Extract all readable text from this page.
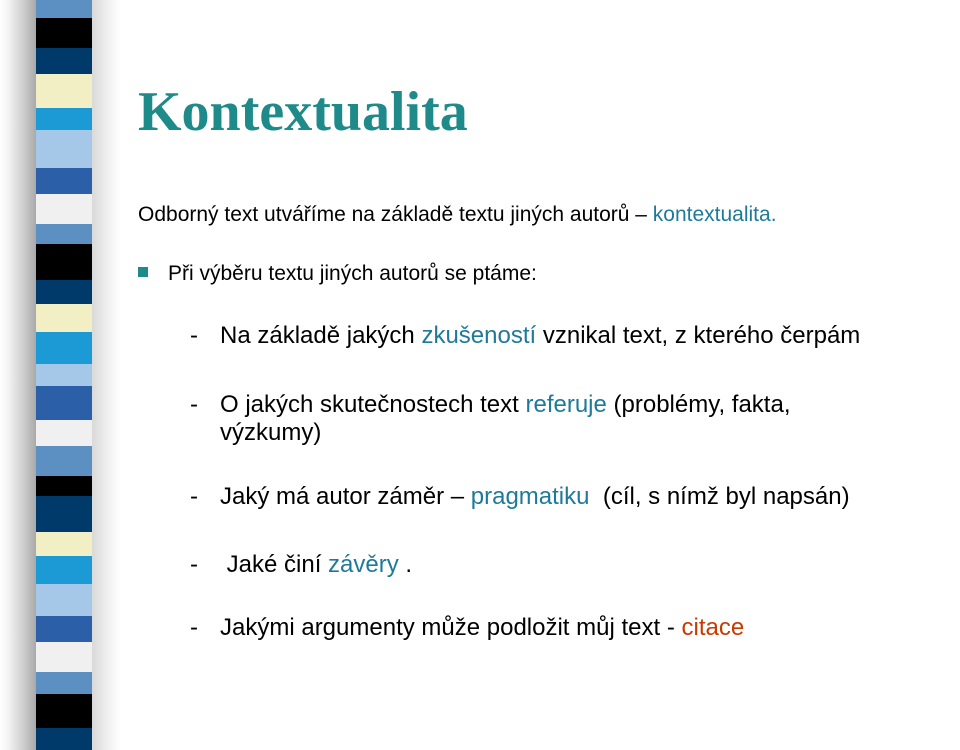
Kontextualita
Odborný text utváříme na základě textu jiných autorů – kontextualita.
Při výběru textu jiných autorů se ptáme:
- Na základě jakých zkušeností vznikal text, z kterého čerpám
- O jakých skutečnostech text referuje (problémy, fakta, výzkumy)
- Jaký má autor záměr – pragmatiku  (cíl, s nímž byl napsán)
- Jaké činí závěry .
- Jakými argumenty může podložit můj text - citace
